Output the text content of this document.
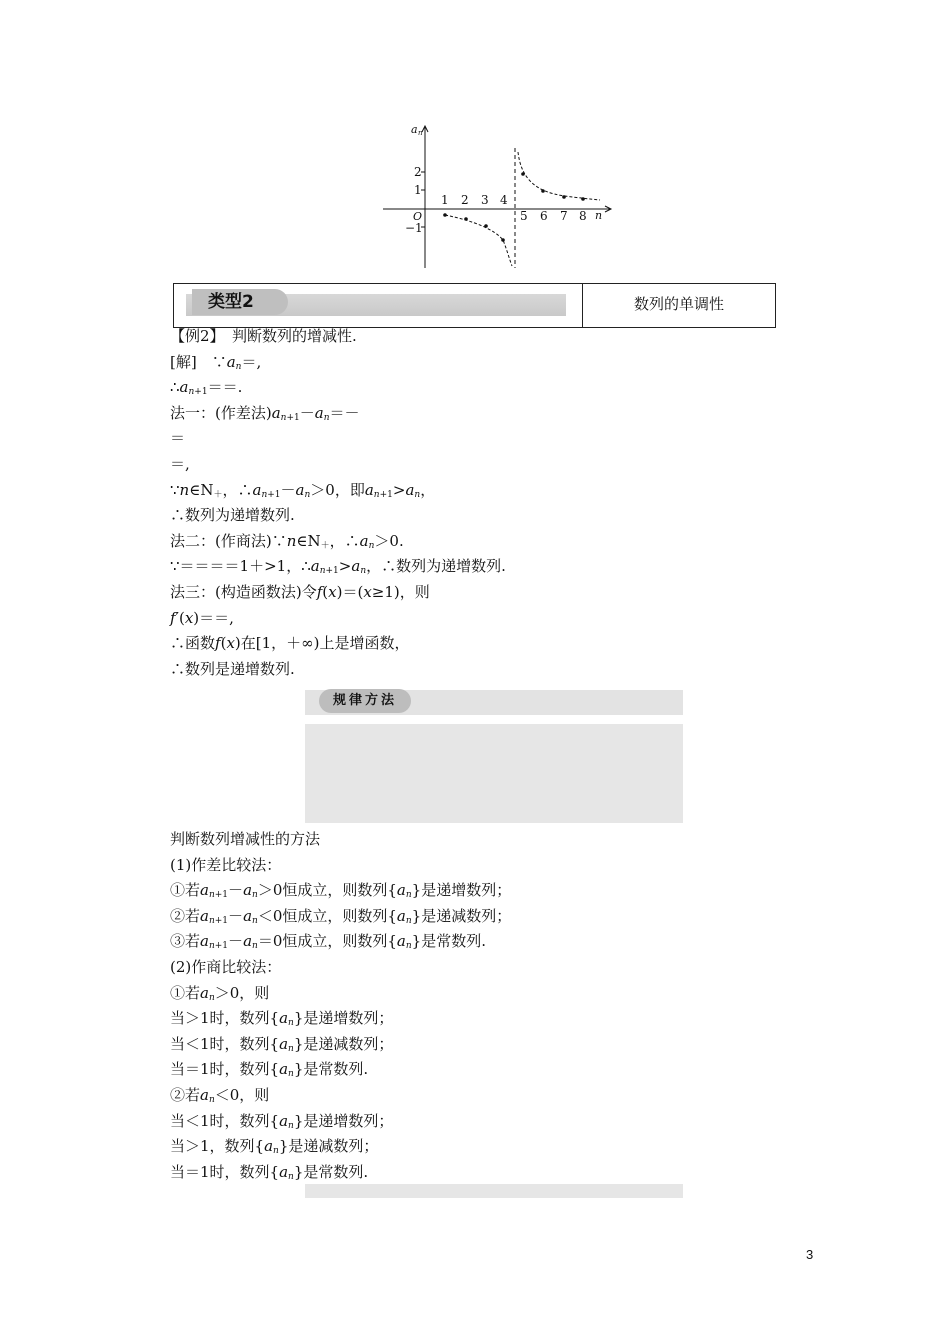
a n
n
O
2
1
−1
1 2 3 4
5 6 7 8
类型2	数列的单调性
【例2】　判断数列的增减性.
[解]　$\because a_n=$,
$\therefore a_{n+1}==$.
法一：(作差法)$a_{n+1}-a_n=-$
＝
＝,
$\because n\in N_+$，$\therefore a_{n+1}-a_n>0$，即$a_{n+1}>a_n$，
∴数列为递增数列.
法二：(作商法)$\because n\in N_+$，$\therefore a_n>0$.
∵＝＝＝＝1＋>1，$\therefore a_{n+1}>a_n$，∴数列为递增数列.
法三：(构造函数法)令f(x)＝(x≥1)，则
f′(x)＝＝,
∴函数f(x)在[1，＋∞)上是增函数，
∴数列是递增数列.
规律方法
判断数列增减性的方法
(1)作差比较法：
①若$a_{n+1}-a_n>0$恒成立，则数列$\{a_n\}$是递增数列；
②若$a_{n+1}-a_n<0$恒成立，则数列$\{a_n\}$是递减数列；
③若$a_{n+1}-a_n=0$恒成立，则数列$\{a_n\}$是常数列.
(2)作商比较法：
①若$a_n>0$，则
当＞1时，数列$\{a_n\}$是递增数列；
当＜1时，数列$\{a_n\}$是递减数列；
当＝1时，数列$\{a_n\}$是常数列.
②若$a_n<0$，则
当＜1时，数列$\{a_n\}$是递增数列；
当＞1，数列$\{a_n\}$是递减数列；
当＝1时，数列$\{a_n\}$是常数列.
3
